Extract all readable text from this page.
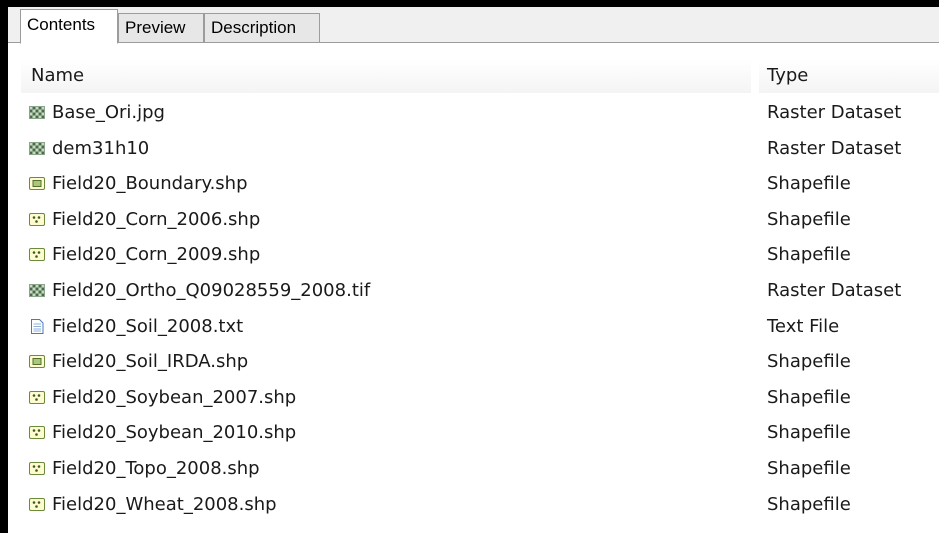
Contents	Preview	Description
Name	Type
Base_Ori.jpg	Raster Dataset
dem31h10	Raster Dataset
Field20_Boundary.shp	Shapefile
Field20_Corn_2006.shp	Shapefile
Field20_Corn_2009.shp	Shapefile
Field20_Ortho_Q09028559_2008.tif	Raster Dataset
Field20_Soil_2008.txt	Text File
Field20_Soil_IRDA.shp	Shapefile
Field20_Soybean_2007.shp	Shapefile
Field20_Soybean_2010.shp	Shapefile
Field20_Topo_2008.shp	Shapefile
Field20_Wheat_2008.shp	Shapefile
